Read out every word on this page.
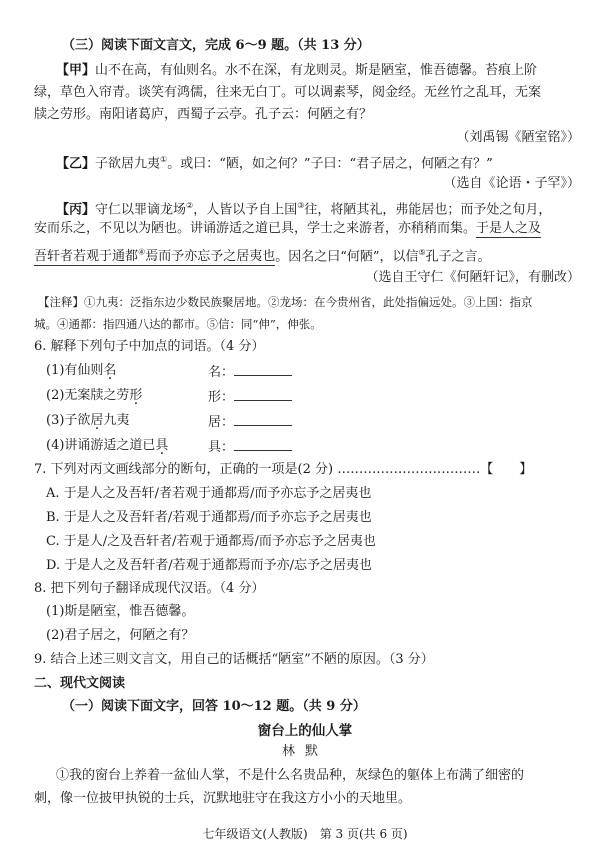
（三）阅读下面文言文，完成 6～9 题。（共 13 分）

【甲】山不在高，有仙则名。水不在深，有龙则灵。斯是陋室，惟吾德馨。苔痕上阶

绿，草色入帘青。谈笑有鸿儒，往来无白丁。可以调素琴，阅金经。无丝竹之乱耳，无案

牍之劳形。南阳诸葛庐，西蜀子云亭。孔子云：何陋之有？

（刘禹锡《陋室铭》）

【乙】子欲居九夷①。或曰：“陋，如之何？”子曰：“君子居之，何陋之有？”

（选自《论语・子罕》）

【丙】守仁以罪谪龙场②，人皆以予自上国③往，将陋其礼，弗能居也；而予处之旬月，

安而乐之，不见以为陋也。讲诵游适之道已具，学士之来游者，亦稍稍而集。于是人之及

吾轩者若观于通都④焉而予亦忘予之居夷也。因名之曰“何陋”，以信⑤孔子之言。

（选自王守仁《何陋轩记》，有删改）

【注释】①九夷：泛指东边少数民族聚居地。②龙场：在今贵州省，此处指偏远处。③上国：指京

城。④通都：指四通八达的都市。⑤信：同“伸”，伸张。

6. 解释下列句子中加点的词语。（4 分）

(1)有仙则名	名：

(2)无案牍之劳形	形：

(3)子欲居九夷	居：

(4)讲诵游适之道已具	具：

7. 下列对丙文画线部分的断句，正确的一项是(2 分) ……………………………【　　】

A. 于是人之及吾轩/者若观于通都焉/而予亦忘予之居夷也

B. 于是人之及吾轩者/若观于通都焉/而予亦忘予之居夷也

C. 于是人/之及吾轩者/若观于通都焉/而予亦忘予之居夷也

D. 于是人之及吾轩者/若观于通都焉而予亦/忘予之居夷也

8. 把下列句子翻译成现代汉语。（4 分）

(1)斯是陋室，惟吾德馨。

(2)君子居之，何陋之有？

9. 结合上述三则文言文，用自己的话概括“陋室”不陋的原因。（3 分）

二、现代文阅读

（一）阅读下面文字，回答 10～12 题。（共 9 分）

窗台上的仙人掌

林默

①我的窗台上养着一盆仙人掌，不是什么名贵品种，灰绿色的躯体上布满了细密的

刺，像一位披甲执锐的士兵，沉默地驻守在我这方小小的天地里。

七年级语文(人教版)　第 3 页(共 6 页)
